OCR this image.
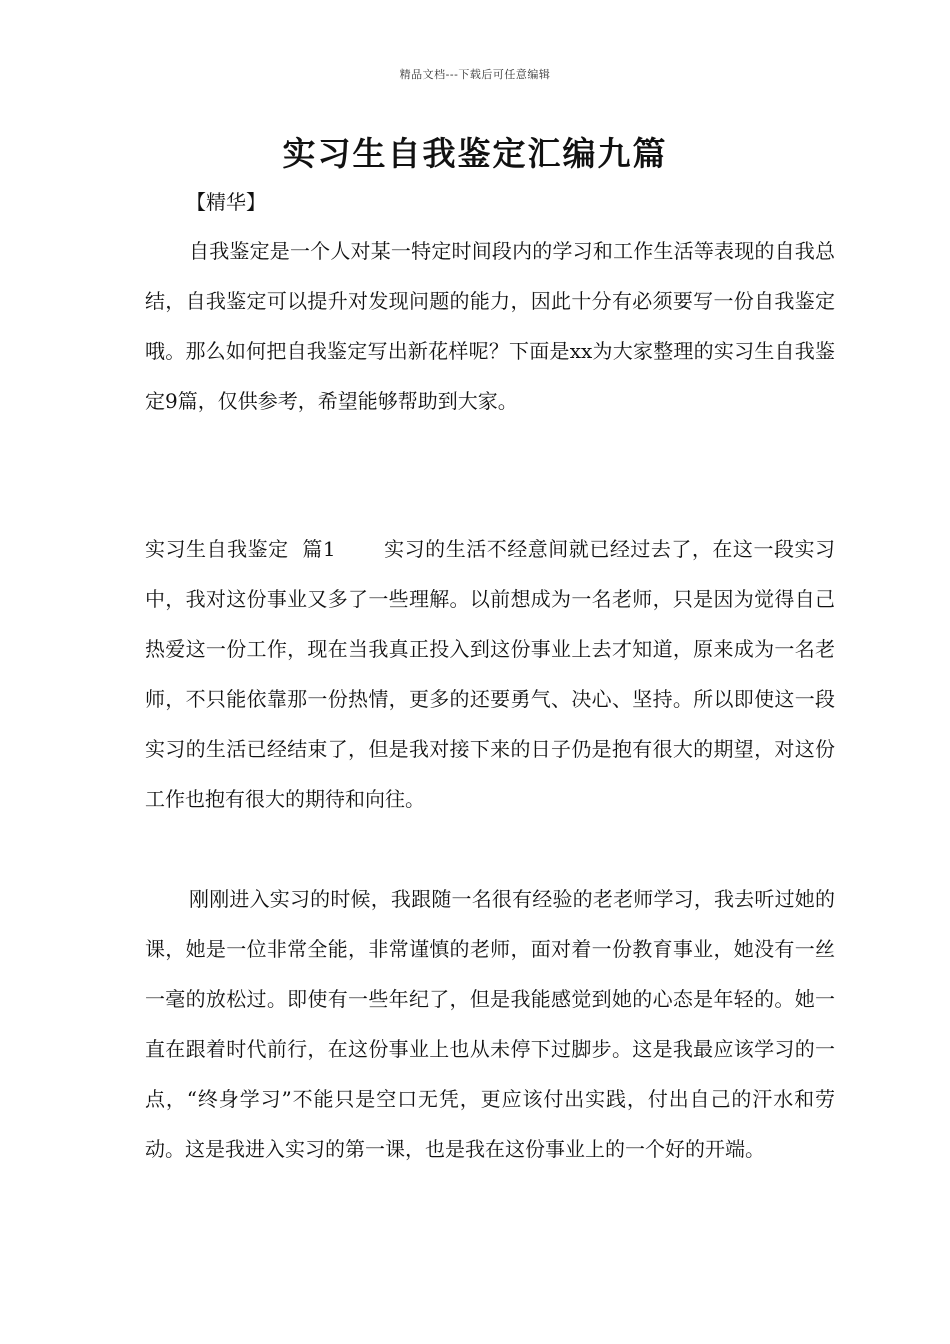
精品文档---下载后可任意编辑
实习生自我鉴定汇编九篇
【精华】

自我鉴定是一个人对某一特定时间段内的学习和工作生活等表现的自我总结，自我鉴定可以提升对发现问题的能力，因此十分有必须要写一份自我鉴定哦。那么如何把自我鉴定写出新花样呢？下面是xx为大家整理的实习生自我鉴定9篇，仅供参考，希望能够帮助到大家。

实习生自我鉴定  篇1 实习的生活不经意间就已经过去了，在这一段实习中，我对这份事业又多了一些理解。以前想成为一名老师，只是因为觉得自己热爱这一份工作，现在当我真正投入到这份事业上去才知道，原来成为一名老师，不只能依靠那一份热情，更多的还要勇气、决心、坚持。所以即使这一段实习的生活已经结束了，但是我对接下来的日子仍是抱有很大的期望，对这份工作也抱有很大的期待和向往。

刚刚进入实习的时候，我跟随一名很有经验的老老师学习，我去听过她的课，她是一位非常全能，非常谨慎的老师，面对着一份教育事业，她没有一丝一毫的放松过。即使有一些年纪了，但是我能感觉到她的心态是年轻的。她一直在跟着时代前行，在这份事业上也从未停下过脚步。这是我最应该学习的一点，“终身学习”不能只是空口无凭，更应该付出实践，付出自己的汗水和劳动。这是我进入实习的第一课，也是我在这份事业上的一个好的开端。
